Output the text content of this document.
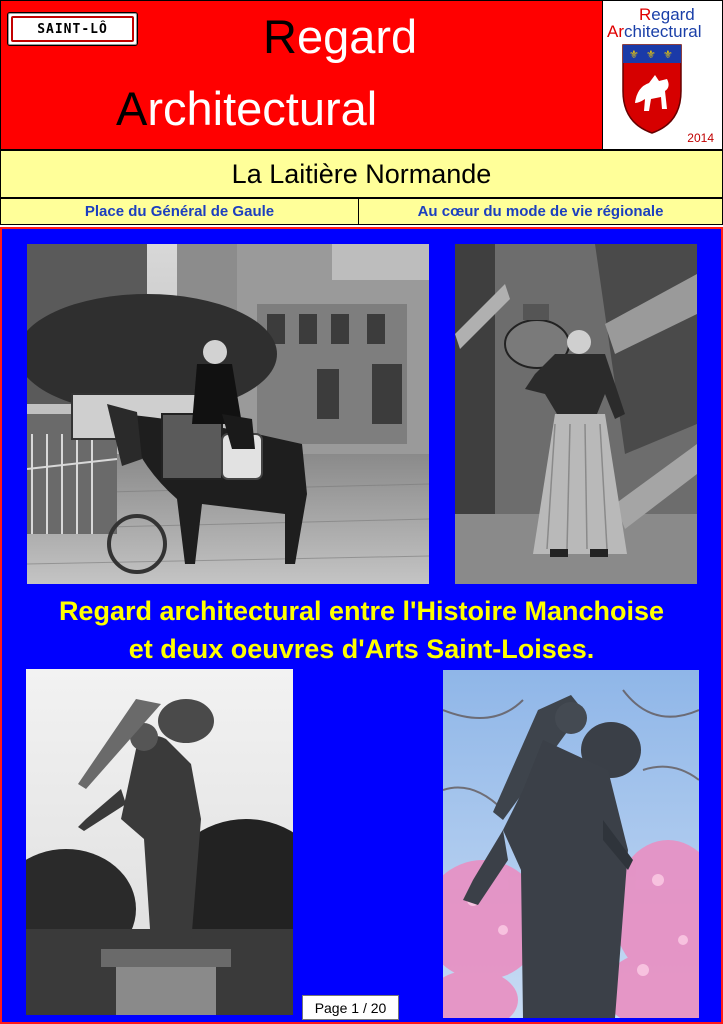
SAINT-LÔ	Regard
Architectural
Regard
Architectural
⚜ ⚜ ⚜
2014
La Laitière Normande
Place du Général de Gaule	Au cœur du mode de vie régionale
Regard architectural entre l'Histoire Manchoise
et deux oeuvres d'Arts Saint-Loises.
Page 1 / 20
